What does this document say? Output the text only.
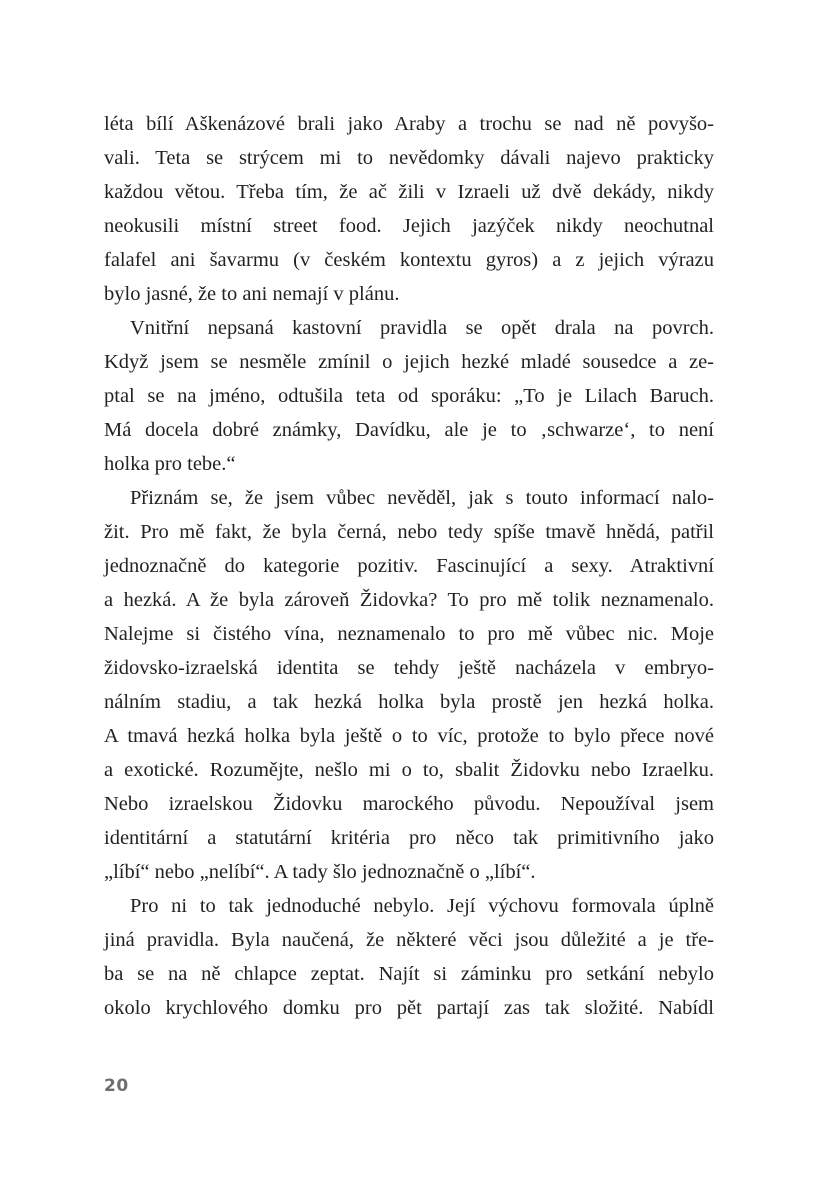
léta bílí Aškenázové brali jako Araby a trochu se nad ně povyšo-
vali. Teta se strýcem mi to nevědomky dávali najevo prakticky
každou větou. Třeba tím, že ač žili v Izraeli už dvě dekády, nikdy
neokusili místní street food. Jejich jazýček nikdy neochutnal
falafel ani šavarmu (v českém kontextu gyros) a z jejich výrazu
bylo jasné, že to ani nemají v plánu.
Vnitřní nepsaná kastovní pravidla se opět drala na povrch.
Když jsem se nesměle zmínil o jejich hezké mladé sousedce a ze-
ptal se na jméno, odtušila teta od sporáku: „To je Lilach Baruch.
Má docela dobré známky, Davídku, ale je to ‚schwarze‘, to není
holka pro tebe.“
Přiznám se, že jsem vůbec nevěděl, jak s touto informací nalo-
žit. Pro mě fakt, že byla černá, nebo tedy spíše tmavě hnědá, patřil
jednoznačně do kategorie pozitiv. Fascinující a sexy. Atraktivní
a hezká. A že byla zároveň Židovka? To pro mě tolik neznamenalo.
Nalejme si čistého vína, neznamenalo to pro mě vůbec nic. Moje
židovsko-izraelská identita se tehdy ještě nacházela v embryo-
nálním stadiu, a tak hezká holka byla prostě jen hezká holka.
A tmavá hezká holka byla ještě o to víc, protože to bylo přece nové
a exotické. Rozumějte, nešlo mi o to, sbalit Židovku nebo Izraelku.
Nebo izraelskou Židovku marockého původu. Nepoužíval jsem
identitární a statutární kritéria pro něco tak primitivního jako
„líbí“ nebo „nelíbí“. A tady šlo jednoznačně o „líbí“.
Pro ni to tak jednoduché nebylo. Její výchovu formovala úplně
jiná pravidla. Byla naučená, že některé věci jsou důležité a je tře-
ba se na ně chlapce zeptat. Najít si záminku pro setkání nebylo
okolo krychlového domku pro pět partají zas tak složité. Nabídl
20
